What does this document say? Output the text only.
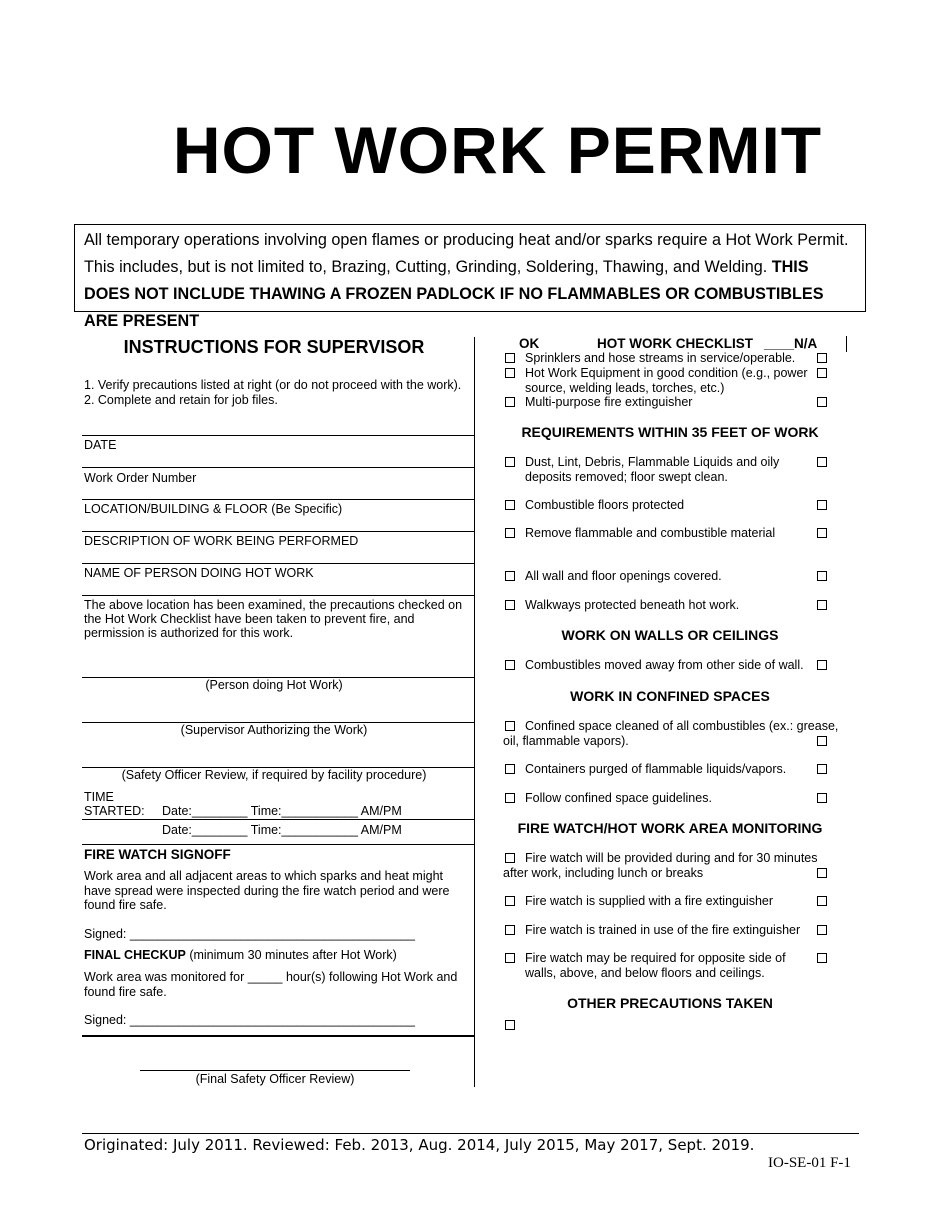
HOT WORK PERMIT
All temporary operations involving open flames or producing heat and/or sparks require a Hot Work Permit. This includes, but is not limited to, Brazing, Cutting, Grinding, Soldering, Thawing, and Welding. THIS DOES NOT INCLUDE THAWING A FROZEN PADLOCK IF NO FLAMMABLES OR COMBUSTIBLES ARE PRESENT
INSTRUCTIONS FOR SUPERVISOR
1. Verify precautions listed at right (or do not proceed with the work).
2. Complete and retain for job files.
DATE
Work Order Number
LOCATION/BUILDING & FLOOR (Be Specific)
DESCRIPTION OF WORK BEING PERFORMED
NAME OF PERSON DOING HOT WORK
The above location has been examined, the precautions checked on the Hot Work Checklist have been taken to prevent fire, and permission is authorized for this work.
(Person doing Hot Work)
(Supervisor Authorizing the Work)
(Safety Officer Review, if required by facility procedure)
TIME
STARTED: Date:________ Time:___________ AM/PM
Date:________ Time:___________ AM/PM
FIRE WATCH SIGNOFF
Work area and all adjacent areas to which sparks and heat might have spread were inspected during the fire watch period and were found fire safe.
Signed: _________________________________________
FINAL CHECKUP (minimum 30 minutes after Hot Work)
Work area was monitored for _____ hour(s) following Hot Work and found fire safe.
Signed: _________________________________________
(Final Safety Officer Review)
OK	HOT WORK CHECKLIST ____N/A
Sprinklers and hose streams in service/operable.
Hot Work Equipment in good condition (e.g., power source, welding leads, torches, etc.)
Multi-purpose fire extinguisher
REQUIREMENTS WITHIN 35 FEET OF WORK
Dust, Lint, Debris, Flammable Liquids and oily deposits removed; floor swept clean.
Combustible floors protected
Remove flammable and combustible material
All wall and floor openings covered.
Walkways protected beneath hot work.
WORK ON WALLS OR CEILINGS
Combustibles moved away from other side of wall.
WORK IN CONFINED SPACES
Confined space cleaned of all combustibles (ex.: grease, oil, flammable vapors).
Containers purged of flammable liquids/vapors.
Follow confined space guidelines.
FIRE WATCH/HOT WORK AREA MONITORING
Fire watch will be provided during and for 30 minutes after work, including lunch or breaks
Fire watch is supplied with a fire extinguisher
Fire watch is trained in use of the fire extinguisher
Fire watch may be required for opposite side of walls, above, and below floors and ceilings.
OTHER PRECAUTIONS TAKEN
Originated: July 2011. Reviewed: Feb. 2013, Aug. 2014, July 2015, May 2017, Sept. 2019.
IO-SE-01 F-1
